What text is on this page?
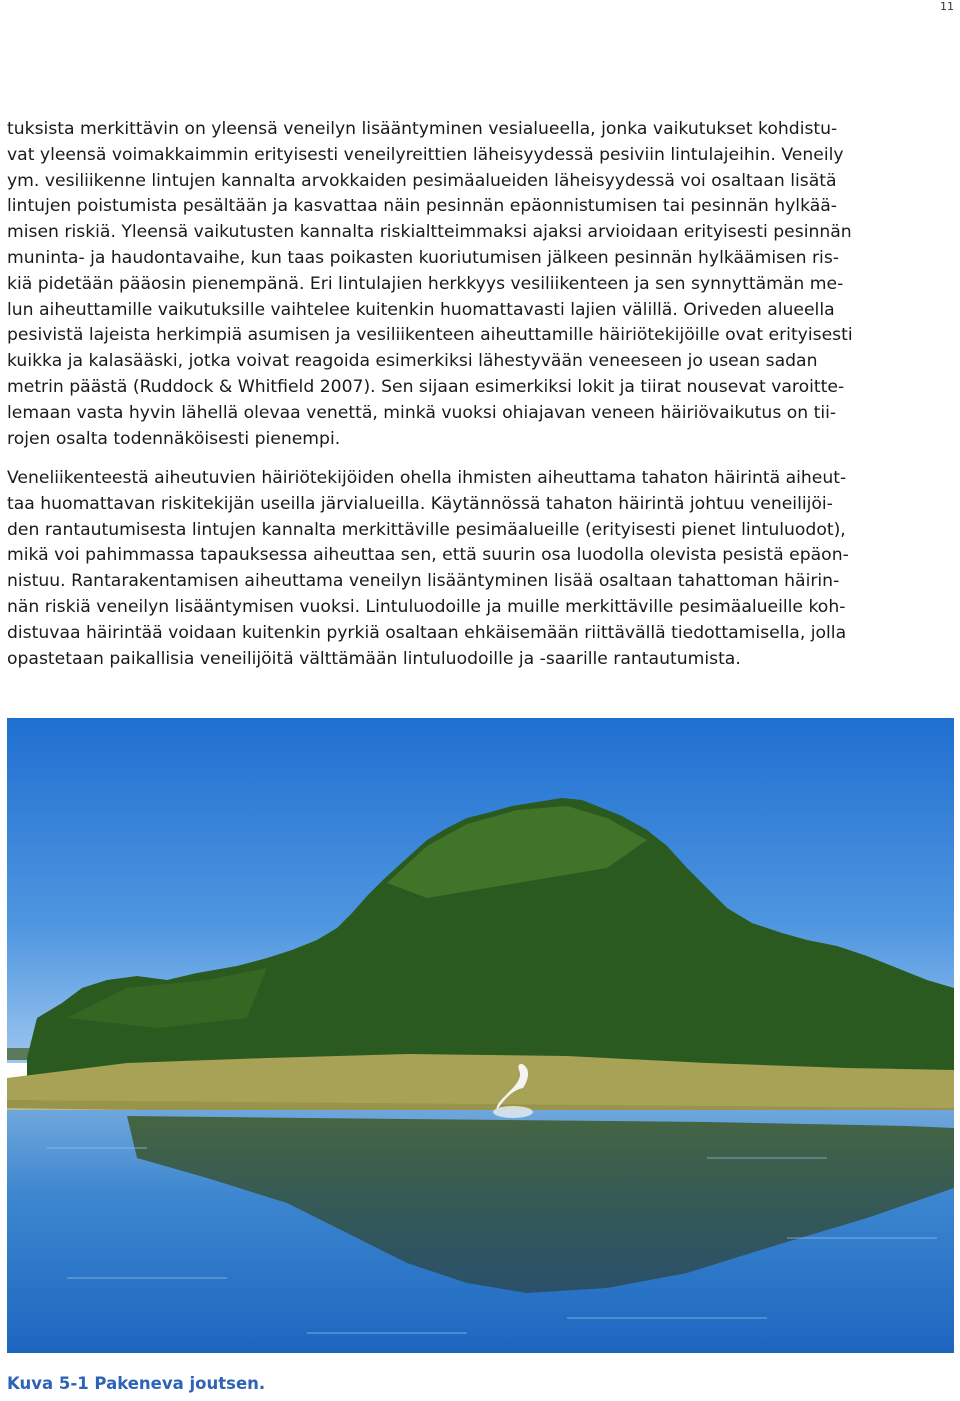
11

tuksista merkittävin on yleensä veneilyn lisääntyminen vesialueella, jonka vaikutukset kohdistu-
vat yleensä voimakkaimmin erityisesti veneilyreittien läheisyydessä pesiviin lintulajeihin. Veneily
ym. vesiliikenne lintujen kannalta arvokkaiden pesimäalueiden läheisyydessä voi osaltaan lisätä
lintujen poistumista pesältään ja kasvattaa näin pesinnän epäonnistumisen tai pesinnän hylkää-
misen riskiä. Yleensä vaikutusten kannalta riskialtteimmaksi ajaksi arvioidaan erityisesti pesinnän
muninta- ja haudontavaihe, kun taas poikasten kuoriutumisen jälkeen pesinnän hylkäämisen ris-
kiä pidetään pääosin pienempänä. Eri lintulajien herkkyys vesiliikenteen ja sen synnyttämän me-
lun aiheuttamille vaikutuksille vaihtelee kuitenkin huomattavasti lajien välillä. Oriveden alueella
pesivistä lajeista herkimpiä asumisen ja vesiliikenteen aiheuttamille häiriötekijöille ovat erityisesti
kuikka ja kalasääski, jotka voivat reagoida esimerkiksi lähestyvään veneeseen jo usean sadan
metrin päästä (Ruddock & Whitfield 2007). Sen sijaan esimerkiksi lokit ja tiirat nousevat varoitte-
lemaan vasta hyvin lähellä olevaa venettä, minkä vuoksi ohiajavan veneen häiriövaikutus on tii-
rojen osalta todennäköisesti pienempi.

Veneliikenteestä aiheutuvien häiriötekijöiden ohella ihmisten aiheuttama tahaton häirintä aiheut-
taa huomattavan riskitekijän useilla järvialueilla. Käytännössä tahaton häirintä johtuu veneilijöi-
den rantautumisesta lintujen kannalta merkittäville pesimäalueille (erityisesti pienet lintuluodot),
mikä voi pahimmassa tapauksessa aiheuttaa sen, että suurin osa luodolla olevista pesistä epäon-
nistuu. Rantarakentamisen aiheuttama veneilyn lisääntyminen lisää osaltaan tahattoman häirin-
nän riskiä veneilyn lisääntymisen vuoksi. Lintuluodoille ja muille merkittäville pesimäalueille koh-
distuvaa häirintää voidaan kuitenkin pyrkiä osaltaan ehkäisemään riittävällä tiedottamisella, jolla
opastetaan paikallisia veneilijöitä välttämään lintuluodoille ja -saarille rantautumista.

Kuva 5-1 Pakeneva joutsen.
